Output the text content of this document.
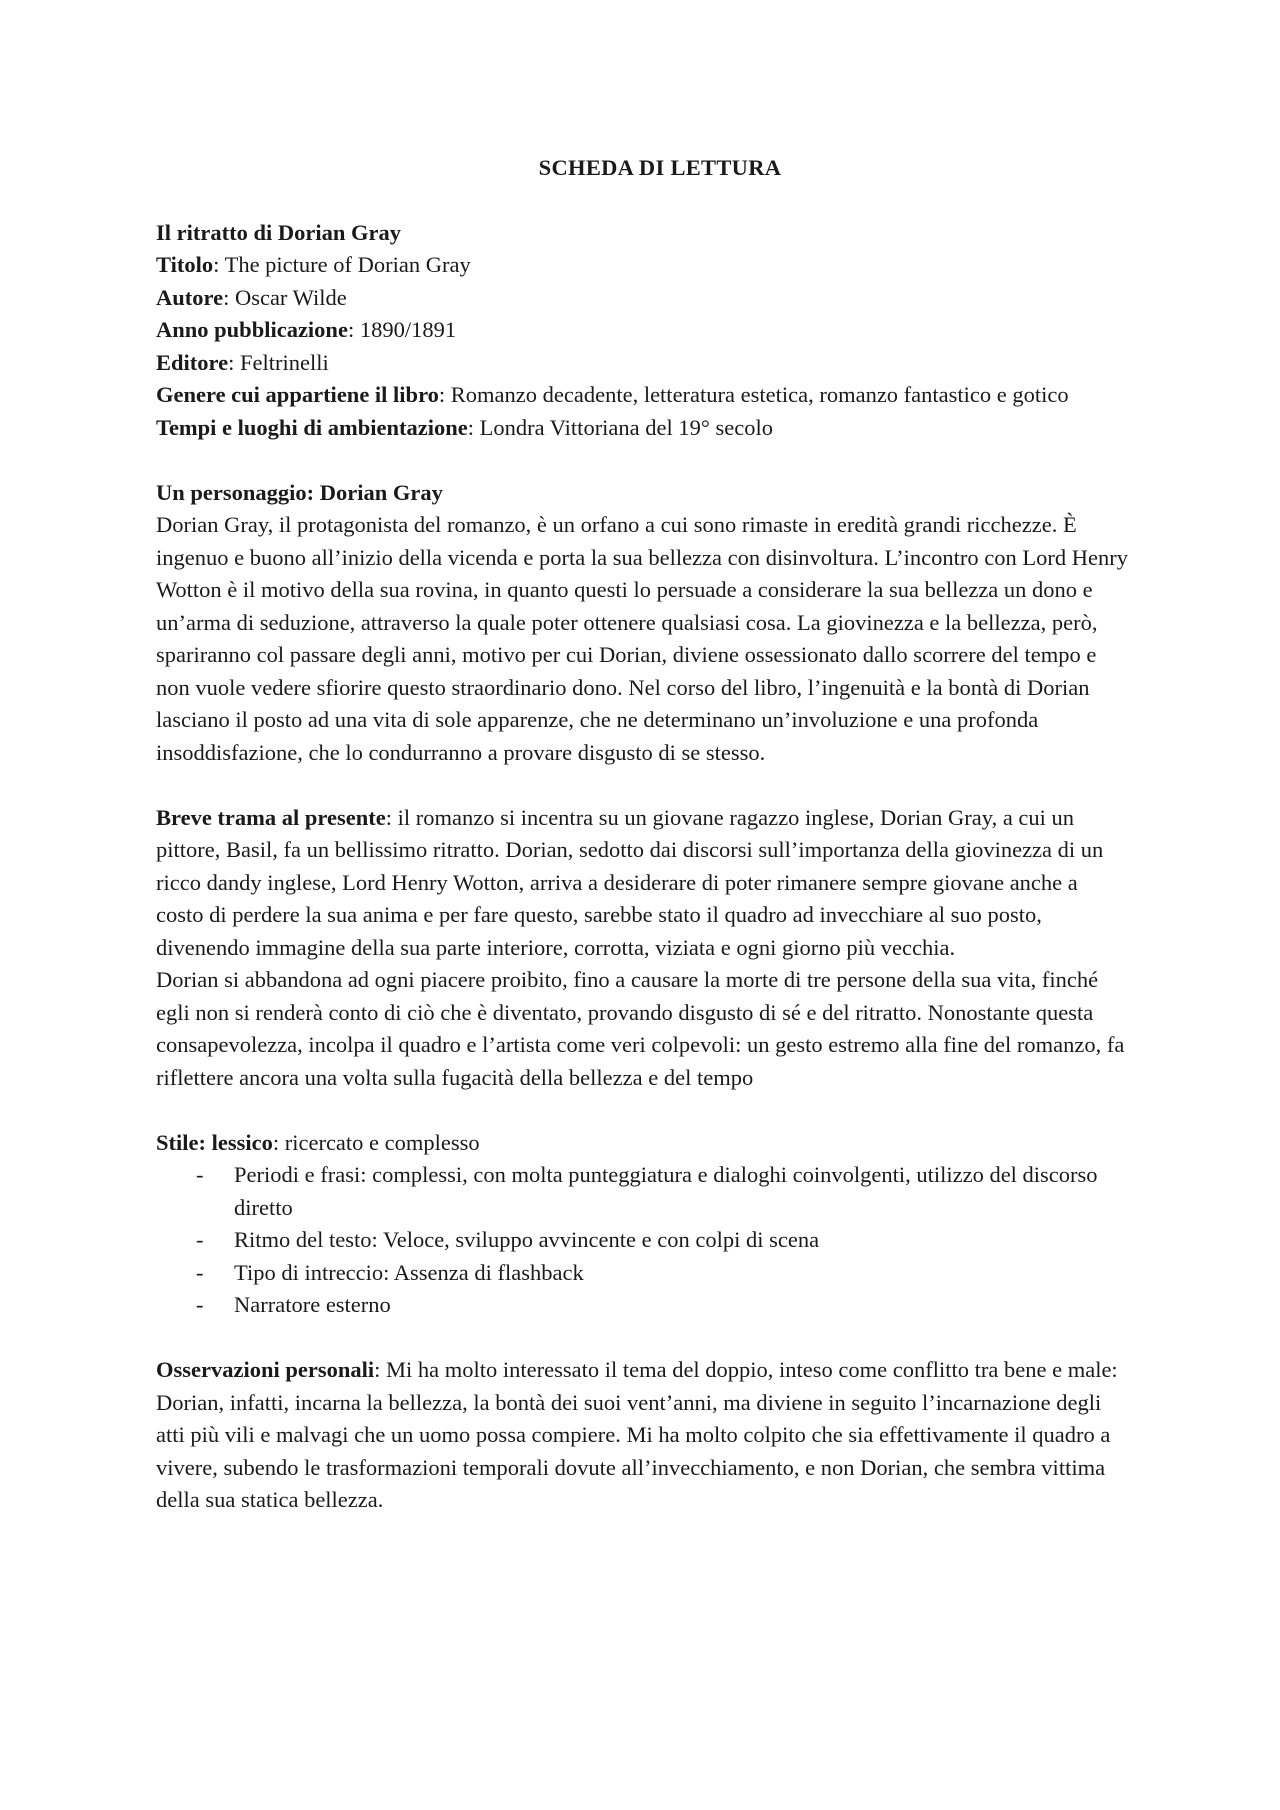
SCHEDA DI LETTURA
Il ritratto di Dorian Gray
Titolo: The picture of Dorian Gray
Autore: Oscar Wilde
Anno pubblicazione: 1890/1891
Editore: Feltrinelli

Genere cui appartiene il libro: Romanzo decadente, letteratura estetica, romanzo fantastico e gotico

Tempi e luoghi di ambientazione: Londra Vittoriana del 19° secolo
Un personaggio: Dorian Gray

Dorian Gray, il protagonista del romanzo, è un orfano a cui sono rimaste in eredità grandi ricchezze. È ingenuo e buono all’inizio della vicenda e porta la sua bellezza con disinvoltura. L’incontro con Lord Henry Wotton è il motivo della sua rovina, in quanto questi lo persuade a considerare la sua bellezza un dono e un’arma di seduzione, attraverso la quale poter ottenere qualsiasi cosa. La giovinezza e la bellezza, però, spariranno col passare degli anni, motivo per cui Dorian, diviene ossessionato dallo scorrere del tempo e non vuole vedere sfiorire questo straordinario dono. Nel corso del libro, l’ingenuità e la bontà di Dorian lasciano il posto ad una vita di sole apparenze, che ne determinano un’involuzione e una profonda insoddisfazione, che lo condurranno a provare disgusto di se stesso.

Breve trama al presente: il romanzo si incentra su un giovane ragazzo inglese, Dorian Gray, a cui un pittore, Basil, fa un bellissimo ritratto. Dorian, sedotto dai discorsi sull’importanza della giovinezza di un ricco dandy inglese, Lord Henry Wotton, arriva a desiderare di poter rimanere sempre giovane anche a costo di perdere la sua anima e per fare questo, sarebbe stato il quadro ad invecchiare al suo posto, divenendo immagine della sua parte interiore, corrotta, viziata e ogni giorno più vecchia.

Dorian si abbandona ad ogni piacere proibito, fino a causare la morte di tre persone della sua vita, finché egli non si renderà conto di ciò che è diventato, provando disgusto di sé e del ritratto. Nonostante questa consapevolezza, incolpa il quadro e l’artista come veri colpevoli: un gesto estremo alla fine del romanzo, fa riflettere ancora una volta sulla fugacità della bellezza e del tempo

Stile: lessico: ricercato e complesso
- Periodi e frasi: complessi, con molta punteggiatura e dialoghi coinvolgenti, utilizzo del discorso diretto
- Ritmo del testo: Veloce, sviluppo avvincente e con colpi di scena
- Tipo di intreccio: Assenza di flashback
- Narratore esterno

Osservazioni personali: Mi ha molto interessato il tema del doppio, inteso come conflitto tra bene e male: Dorian, infatti, incarna la bellezza, la bontà dei suoi vent’anni, ma diviene in seguito l’incarnazione degli atti più vili e malvagi che un uomo possa compiere. Mi ha molto colpito che sia effettivamente il quadro a vivere, subendo le trasformazioni temporali dovute all’invecchiamento, e non Dorian, che sembra vittima della sua statica bellezza.
